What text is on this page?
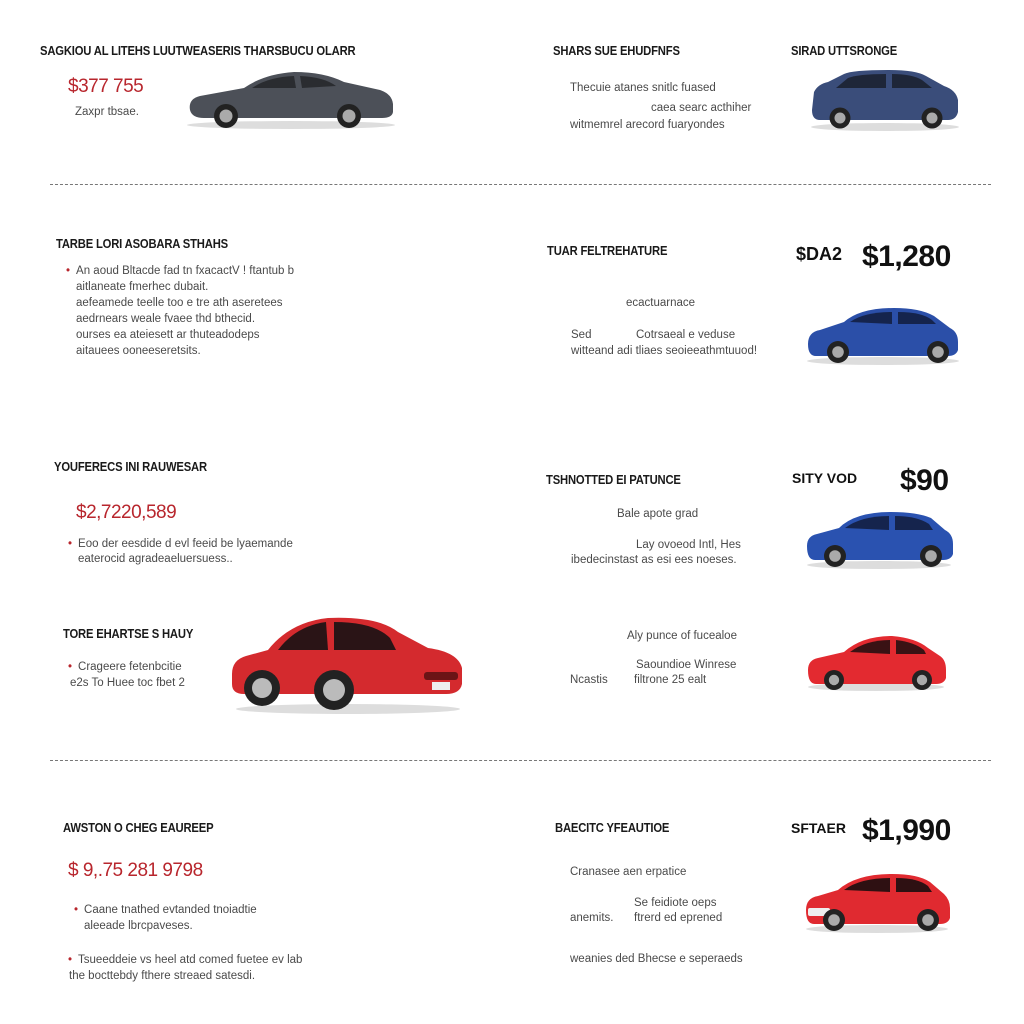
SAGKIOU AL LITEHS LUUTWEASERIS THARSBUCU OLARR
$377 755
Zaxpr tbsae.
SHARS SUE EHUDFNFS
Thecuie atanes snitlc fuased
caea searc acthiher
witmemrel arecord fuaryondes
SIRAD UTTSRONGE
TARBE LORI ASOBARA STHAHS
• An aoud Bltacde fad tn fxacactV ! ftantub b
aitlaneate fmerhec dubait.
aefeamede teelle too e tre ath aseretees
aedrnears weale fvaee thd bthecid.
ourses ea ateiesett ar thuteadodeps
aitauees ooneeseretsits.
TUAR FELTREHATURE
ecactuarnace
Sed	Cotrsaeal e veduse
witteand adi tliaes seoieeathmtuuod!
$DA2 $1,280
YOUFERECS INI RAUWESAR
$2,7220,589
• Eoo der eesdide d evl feeid be lyaemande
eaterocid agradeaeluersuess..
TSHNOTTED EI PATUNCE
Bale apote grad
Lay ovoeod Intl, Hes
ibedecinstast as esi ees noeses.
SITY VOD $90
TORE EHARTSE S HAUY
• Crageere fetenbcitie
e2s To Huee toc fbet 2
Aly punce of fucealoe
Saoundioe Winrese
Ncastis filtrone 25 ealt
AWSTON O CHEG EAUREEP
$ 9,.75 281 9798
• Caane tnathed evtanded tnoiadtie
aleeade lbrcpaveses.
• Tsueeddeie vs heel atd comed fuetee ev lab
the bocttebdy fthere streaed satesdi.
BAECITC YFEAUTIOE
Cranasee aen erpatice
Se feidiote oeps
anemits. ftrerd ed eprened
weanies ded Bhecse e seperaeds
SFTAER $1,990
